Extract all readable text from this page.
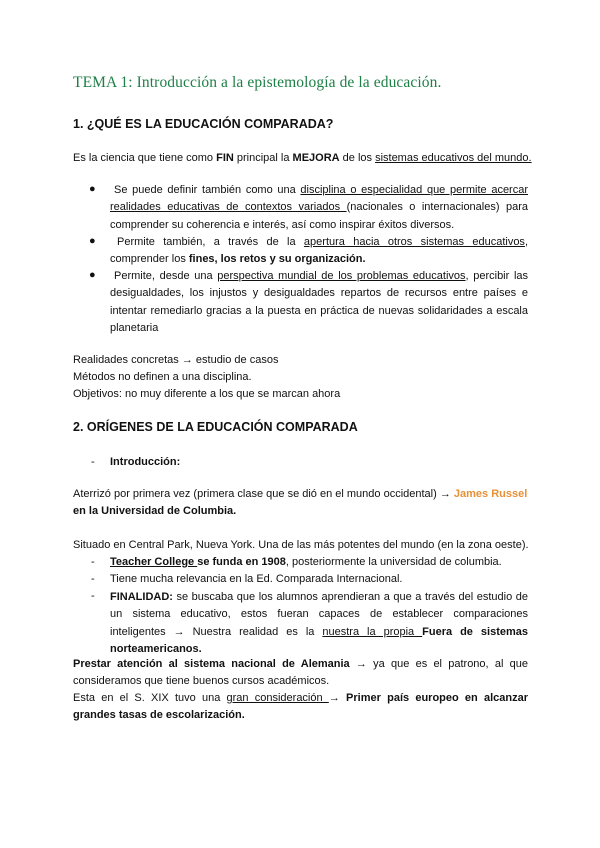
TEMA 1: Introducción a la epistemología de la educación.
1. ¿QUÉ ES LA EDUCACIÓN COMPARADA?
Es la ciencia que tiene como FIN principal la MEJORA de los sistemas educativos del mundo.
●	Se puede definir también como una disciplina o especialidad que permite acercar realidades educativas de contextos variados (nacionales o internacionales) para comprender su coherencia e interés, así como inspirar éxitos diversos.
●	Permite también, a través de la apertura hacia otros sistemas educativos, comprender los fines, los retos y su organización.
●	Permite, desde una perspectiva mundial de los problemas educativos, percibir las desigualdades, los injustos y desigualdades repartos de recursos entre países e intentar remediarlo gracias a la puesta en práctica de nuevas solidaridades a escala planetaria
Realidades concretas → estudio de casos
Métodos no definen a una disciplina.
Objetivos: no muy diferente a los que se marcan ahora
2. ORÍGENES DE LA EDUCACIÓN COMPARADA
- Introducción:
Aterrizó por primera vez (primera clase que se dió en el mundo occidental) → James Russel
en la Universidad de Columbia.
Situado en Central Park, Nueva York. Una de las más potentes del mundo (en la zona oeste).
- Teacher College se funda en 1908, posteriormente la universidad de columbia.
- Tiene mucha relevancia en la Ed. Comparada Internacional.
- FINALIDAD: se buscaba que los alumnos aprendieran a que a través del estudio de un sistema educativo, estos fueran capaces de establecer comparaciones inteligentes → Nuestra realidad es la nuestra la propia Fuera de sistemas norteamericanos.
Prestar atención al sistema nacional de Alemania → ya que es el patrono, al que consideramos que tiene buenos cursos académicos.
Esta en el S. XIX tuvo una gran consideración → Primer país europeo en alcanzar grandes tasas de escolarización.
